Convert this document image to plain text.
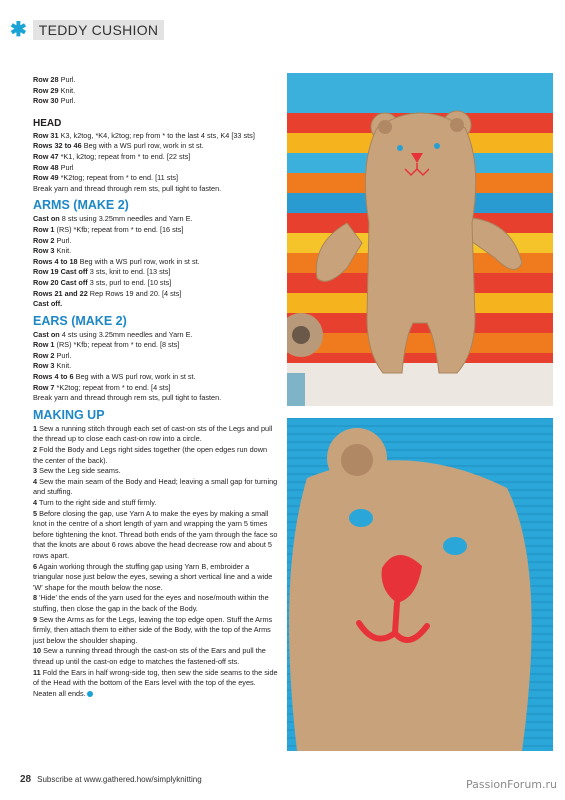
✱ TEDDY CUSHION

Row 28 Purl.

Row 29 Knit.

Row 30 Purl.

HEAD

Row 31 K3, k2tog, *K4, k2tog; rep from * to the last 4 sts, K4 [33 sts]

Rows 32 to 46 Beg with a WS purl row, work in st st.

Row 47 *K1, k2tog; repeat from * to end. [22 sts]

Row 48 Purl

Row 49 *K2tog; repeat from * to end. [11 sts]

Break yarn and thread through rem sts, pull tight to fasten.

ARMS (MAKE 2)

Cast on 8 sts using 3.25mm needles and Yarn E.

Row 1 (RS) *Kfb; repeat from * to end. [16 sts]

Row 2 Purl.

Row 3 Knit.

Rows 4 to 18 Beg with a WS purl row, work in st st.

Row 19 Cast off 3 sts, knit to end. [13 sts]

Row 20 Cast off 3 sts, purl to end. [10 sts]

Rows 21 and 22 Rep Rows 19 and 20. [4 sts]

Cast off.

EARS (MAKE 2)

Cast on 4 sts using 3.25mm needles and Yarn E.

Row 1 (RS) *Kfb; repeat from * to end. [8 sts]

Row 2 Purl.

Row 3 Knit.

Rows 4 to 6 Beg with a WS purl row, work in st st.

Row 7 *K2tog; repeat from * to end. [4 sts]

Break yarn and thread through rem sts, pull tight to fasten.

MAKING UP

1 Sew a running stitch through each set of cast-on sts of the Legs and pull the thread up to close each cast-on row into a circle.

2 Fold the Body and Legs right sides together (the open edges run down the center of the back).

3 Sew the Leg side seams.

4 Sew the main seam of the Body and Head; leaving a small gap for turning and stuffing.

4 Turn to the right side and stuff firmly.

5 Before closing the gap, use Yarn A to make the eyes by making a small knot in the centre of a short length of yarn and wrapping the yarn 5 times before tightening the knot. Thread both ends of the yarn through the face so that the knots are about 6 rows above the head decrease row and about 5 rows apart.

6 Again working through the stuffing gap using Yarn B, embroider a triangular nose just below the eyes, sewing a short vertical line and a wide 'W' shape for the mouth below the nose.

8 'Hide' the ends of the yarn used for the eyes and nose/mouth within the stuffing, then close the gap in the back of the Body.

9 Sew the Arms as for the Legs, leaving the top edge open. Stuff the Arms firmly, then attach them to either side of the Body, with the top of the Arms just below the shoulder shaping.

10 Sew a running thread through the cast-on sts of the Ears and pull the thread up until the cast-on edge to matches the fastened-off sts.

11 Fold the Ears in half wrong-side tog, then sew the side seams to the side of the Head with the bottom of the Ears level with the top of the eyes. Neaten all ends.

28 Subscribe at www.gathered.how/simplyknitting	PassionForum.ru
